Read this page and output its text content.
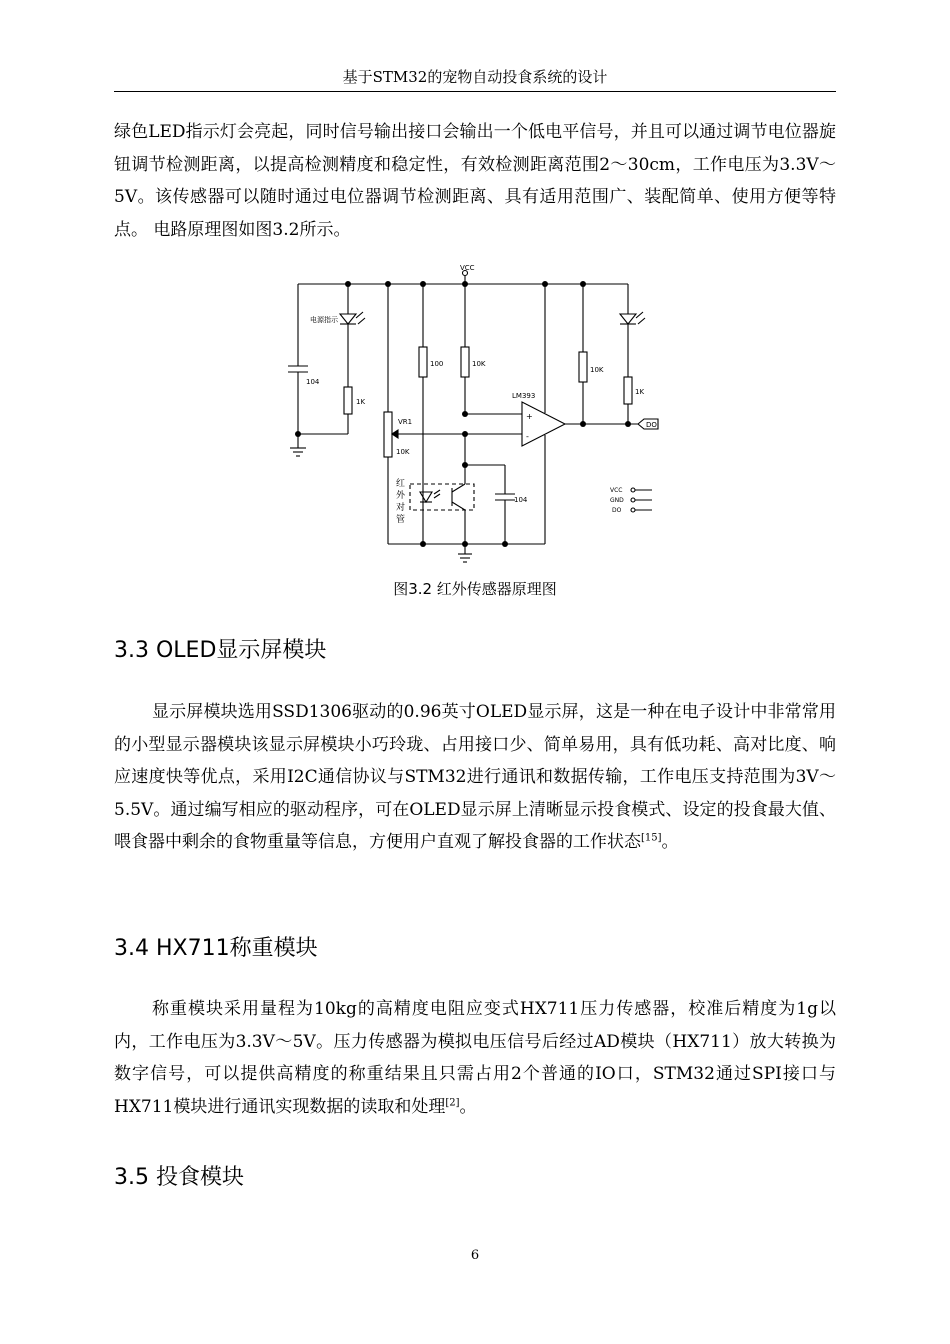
基于STM32的宠物自动投食系统的设计

绿色LED指示灯会亮起，同时信号输出接口会输出一个低电平信号，并且可以通过调节电位器旋钮调节检测距离，以提高检测精度和稳定性，有效检测距离范围2～30cm，工作电压为3.3V～5V。该传感器可以随时通过电位器调节检测距离、具有适用范围广、装配简单、使用方便等特点。 电路原理图如图3.2所示。

VCC
电源指示
104
1K
100	10K
LM393
+
-
10K
1K
VR1
10K
104
DO
VCC
GND
DO
红
外
对
管
图3.2 红外传感器原理图
3.3 OLED显示屏模块

显示屏模块选用SSD1306驱动的0.96英寸OLED显示屏，这是一种在电子设计中非常常用的小型显示器模块该显示屏模块小巧玲珑、占用接口少、简单易用，具有低功耗、高对比度、响应速度快等优点，采用I2C通信协议与STM32进行通讯和数据传输，工作电压支持范围为3V～5.5V。通过编写相应的驱动程序，可在OLED显示屏上清晰显示投食模式、设定的投食最大值、喂食器中剩余的食物重量等信息，方便用户直观了解投食器的工作状态[15]。

3.4 HX711称重模块

称重模块采用量程为10kg的高精度电阻应变式HX711压力传感器，校准后精度为1g以内，工作电压为3.3V～5V。压力传感器为模拟电压信号后经过AD模块（HX711）放大转换为数字信号，可以提供高精度的称重结果且只需占用2个普通的IO口，STM32通过SPI接口与HX711模块进行通讯实现数据的读取和处理[2]。

3.5 投食模块
6
